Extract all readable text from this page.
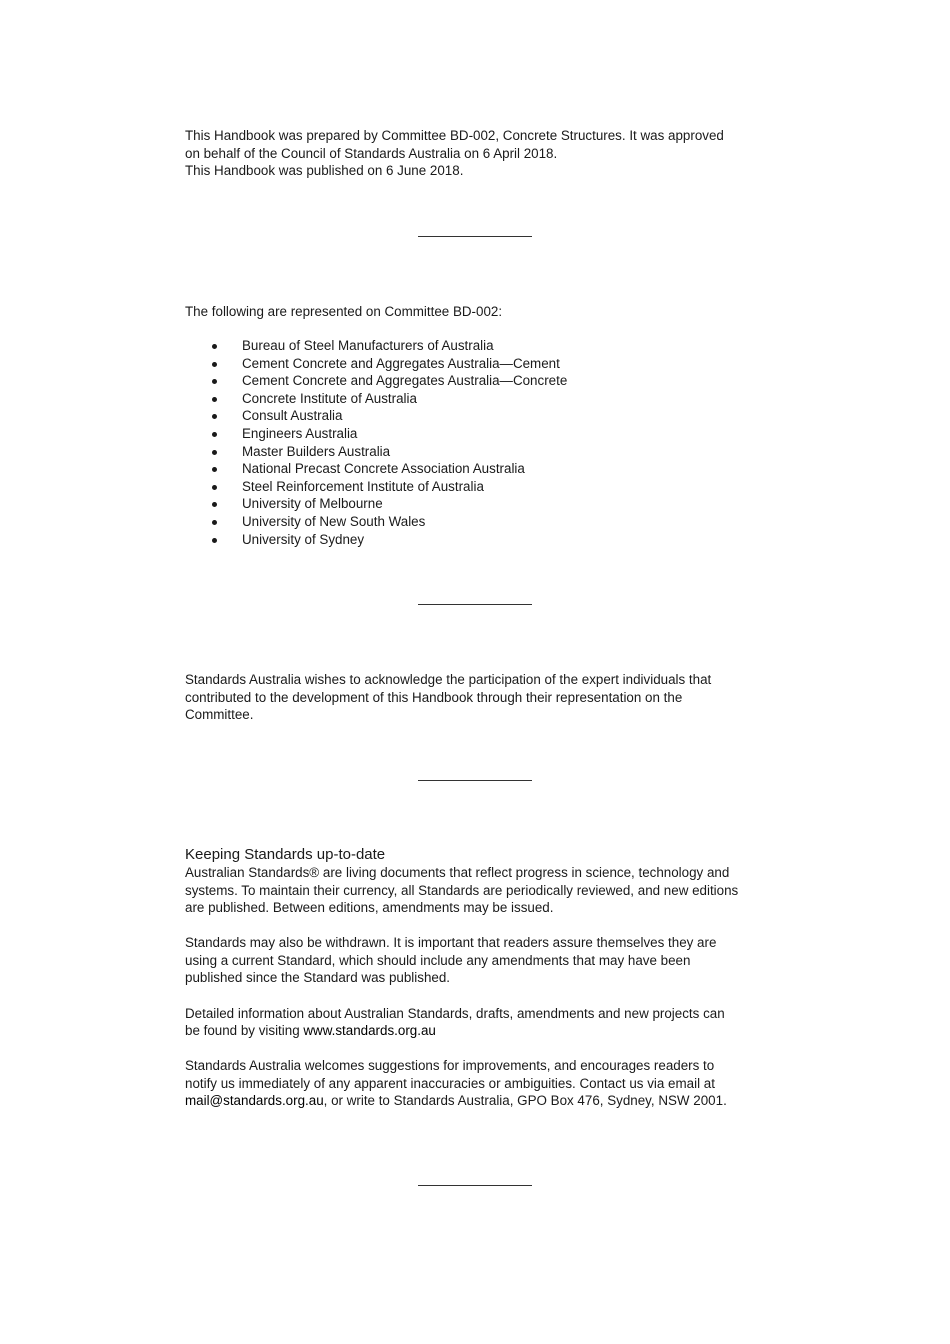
This Handbook was prepared by Committee BD-002, Concrete Structures. It was approved

on behalf of the Council of Standards Australia on 6 April 2018.

This Handbook was published on 6 June 2018.

The following are represented on Committee BD-002:

Bureau of Steel Manufacturers of Australia
Cement Concrete and Aggregates Australia—Cement
Cement Concrete and Aggregates Australia—Concrete
Concrete Institute of Australia
Consult Australia
Engineers Australia
Master Builders Australia
National Precast Concrete Association Australia
Steel Reinforcement Institute of Australia
University of Melbourne
University of New South Wales
University of Sydney

Standards Australia wishes to acknowledge the participation of the expert individuals that

contributed to the development of this Handbook through their representation on the

Committee.

Keeping Standards up-to-date

Australian Standards® are living documents that reflect progress in science, technology and

systems. To maintain their currency, all Standards are periodically reviewed, and new editions

are published. Between editions, amendments may be issued.

Standards may also be withdrawn. It is important that readers assure themselves they are

using a current Standard, which should include any amendments that may have been

published since the Standard was published.

Detailed information about Australian Standards, drafts, amendments and new projects can

be found by visiting www.standards.org.au

Standards Australia welcomes suggestions for improvements, and encourages readers to

notify us immediately of any apparent inaccuracies or ambiguities. Contact us via email at

mail@standards.org.au, or write to Standards Australia, GPO Box 476, Sydney, NSW 2001.
